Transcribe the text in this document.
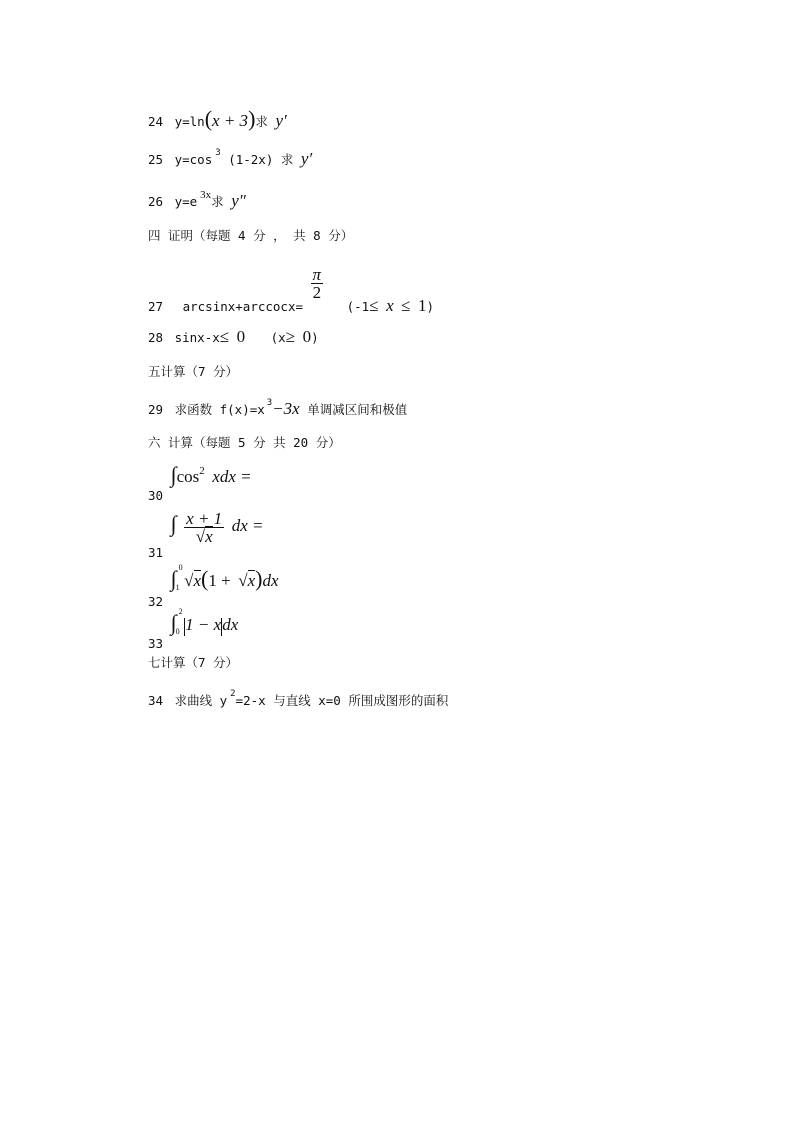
24 y=ln(x + 3)求 y′
25 y=cos $^3$ (1-2x) 求 y′
26 y=e 3x求 y″
四 证明（每题 4 分 ， 共 8 分）
27 arcsinx+arccocx=
$\frac{\pi}{2}$
(-1≤ x ≤ 1)
28 sinx-x≤ 0 (x≥ 0)
五计算（7 分）
29 求函数 f(x)=x $^3$−3x 单调减区间和极值
六 计算（每题 5 分 共 20 分）
30 ∫cos2 xdx =
31 ∫ $\frac{x + 1}{√x}$ dx =
32 ∫ 0
1 √x(1 + √x)dx
33 ∫ 2
0 1 − xdx
七计算（7 分）
34 求曲线 y $^2$=2-x 与直线 x=0 所围成图形的面积
